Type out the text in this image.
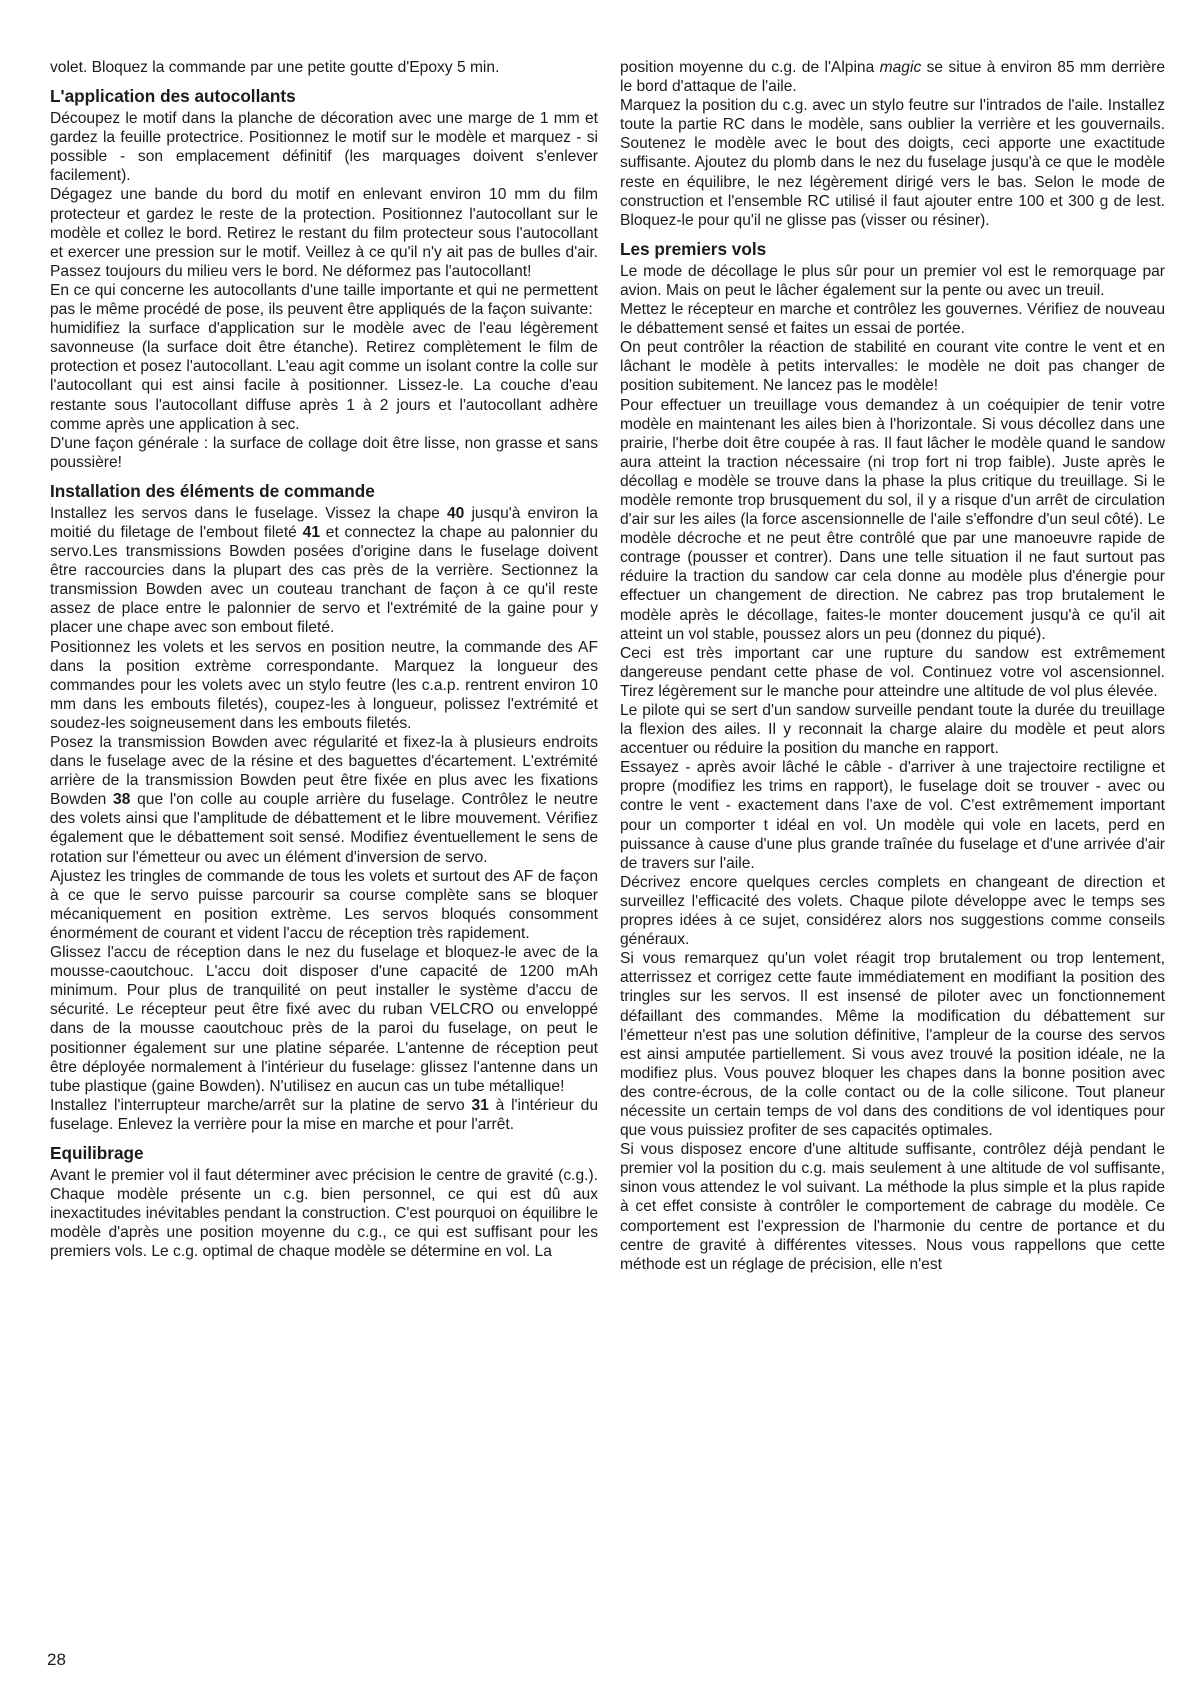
volet. Bloquez la commande par une petite goutte d'Epoxy 5 min.

L'application des autocollants

Découpez le motif dans la planche de décoration avec une marge de 1 mm et gardez la feuille protectrice. Positionnez le motif sur le modèle et marquez - si possible - son emplacement définitif (les marquages doivent s'enlever facilement).

Dégagez une bande du bord du motif en enlevant environ 10 mm du film protecteur et gardez le reste de la protection. Positionnez l'autocollant sur le modèle et collez le bord. Retirez le restant du film protecteur sous l'autocollant et exercer une pression sur le motif. Veillez à ce qu'il n'y ait pas de bulles d'air. Passez toujours du milieu vers le bord. Ne déformez pas l'autocollant!

En ce qui concerne les autocollants d'une taille importante et qui ne permettent pas le même procédé de pose, ils peuvent être appliqués de la façon suivante:

humidifiez la surface d'application sur le modèle avec de l'eau légèrement savonneuse (la surface doit être étanche). Retirez complètement le film de protection et posez l'autocollant. L'eau agit comme un isolant contre la colle sur l'autocollant qui est ainsi facile à positionner. Lissez-le. La couche d'eau restante sous l'autocollant diffuse après 1 à 2 jours et l'autocollant adhère comme après une application à sec.

D'une façon générale : la surface de collage doit être lisse, non grasse et sans poussière!

Installation des éléments de commande

Installez les servos dans le fuselage. Vissez la chape 40 jusqu'à environ la moitié du filetage de l'embout fileté 41 et connectez la chape au palonnier du servo.Les transmissions Bowden posées d'origine dans le fuselage doivent être raccourcies dans la plupart des cas près de la verrière. Sectionnez la transmission Bowden avec un couteau tranchant de façon à ce qu'il reste assez de place entre le palonnier de servo et l'extrémité de la gaine pour y placer une chape avec son embout fileté.

Positionnez les volets et les servos en position neutre, la commande des AF dans la position extrème correspondante. Marquez la longueur des commandes pour les volets avec un stylo feutre (les c.a.p. rentrent environ 10 mm dans les embouts filetés), coupez-les à longueur, polissez l'extrémité et soudez-les soigneusement dans les embouts filetés.

Posez la transmission Bowden avec régularité et fixez-la à plusieurs endroits dans le fuselage avec de la résine et des baguettes d'écartement. L'extrémité arrière de la transmission Bowden peut être fixée en plus avec les fixations Bowden 38 que l'on colle au couple arrière du fuselage. Contrôlez le neutre des volets ainsi que l'amplitude de débattement et le libre mouvement. Vérifiez également que le débattement soit sensé. Modifiez éventuellement le sens de rotation sur l'émetteur ou avec un élément d'inversion de servo.

Ajustez les tringles de commande de tous les volets et surtout des AF de façon à ce que le servo puisse parcourir sa course complète sans se bloquer mécaniquement en position extrème. Les servos bloqués consomment énormément de courant et vident l'accu de réception très rapidement.

Glissez l'accu de réception dans le nez du fuselage et bloquez-le avec de la mousse-caoutchouc. L'accu doit disposer d'une capacité de 1200 mAh minimum. Pour plus de tranquilité on peut installer le système d'accu de sécurité. Le récepteur peut être fixé avec du ruban VELCRO ou enveloppé dans de la mousse caoutchouc près de la paroi du fuselage, on peut le positionner également sur une platine séparée. L'antenne de réception peut être déployée normalement à l'intérieur du fuselage: glissez l'antenne dans un tube plastique (gaine Bowden). N'utilisez en aucun cas un tube métallique!

Installez l'interrupteur marche/arrêt sur la platine de servo 31 à l'intérieur du fuselage. Enlevez la verrière pour la mise en marche et pour l'arrêt.

Equilibrage

Avant le premier vol il faut déterminer avec précision le centre de gravité (c.g.). Chaque modèle présente un c.g. bien personnel, ce qui est dû aux inexactitudes inévitables pendant la construction. C'est pourquoi on équilibre le modèle d'après une position moyenne du c.g., ce qui est suffisant pour les premiers vols. Le c.g. optimal de chaque modèle se détermine en vol. La

position moyenne du c.g. de l'Alpina magic se situe à environ 85 mm derrière le bord d'attaque de l'aile.

Marquez la position du c.g. avec un stylo feutre sur l'intrados de l'aile. Installez toute la partie RC dans le modèle, sans oublier la verrière et les gouvernails. Soutenez le modèle avec le bout des doigts, ceci apporte une exactitude suffisante. Ajoutez du plomb dans le nez du fuselage jusqu'à ce que le modèle reste en équilibre, le nez légèrement dirigé vers le bas. Selon le mode de construction et l'ensemble RC utilisé il faut ajouter entre 100 et 300 g de lest. Bloquez-le pour qu'il ne glisse pas (visser ou résiner).

Les premiers vols

Le mode de décollage le plus sûr pour un premier vol est le remorquage par avion. Mais on peut le lâcher également sur la pente ou avec un treuil.

Mettez le récepteur en marche et contrôlez les gouvernes. Vérifiez de nouveau le débattement sensé et faites un essai de portée.

On peut contrôler la réaction de stabilité en courant vite contre le vent et en lâchant le modèle à petits intervalles: le modèle ne doit pas changer de position subitement. Ne lancez pas le modèle!

Pour effectuer un treuillage vous demandez à un coéquipier de tenir votre modèle en maintenant les ailes bien à l'horizontale. Si vous décollez dans une prairie, l'herbe doit être coupée à ras. Il faut lâcher le modèle quand le sandow aura atteint la traction nécessaire (ni trop fort ni trop faible). Juste après le décollag e modèle se trouve dans la phase la plus critique du treuillage. Si le modèle remonte trop brusquement du sol, il y a risque d'un arrêt de circulation d'air sur les ailes (la force ascensionnelle de l'aile s'effondre d'un seul côté). Le modèle décroche et ne peut être contrôlé que par une manoeuvre rapide de contrage (pousser et contrer). Dans une telle situation il ne faut surtout pas réduire la traction du sandow car cela donne au modèle plus d'énergie pour effectuer un changement de direction. Ne cabrez pas trop brutalement le modèle après le décollage, faites-le monter doucement jusqu'à ce qu'il ait atteint un vol stable, poussez alors un peu (donnez du piqué).

Ceci est très important car une rupture du sandow est extrêmement dangereuse pendant cette phase de vol. Continuez votre vol ascensionnel. Tirez légèrement sur le manche pour atteindre une altitude de vol plus élevée.

Le pilote qui se sert d'un sandow surveille pendant toute la durée du treuillage la flexion des ailes. Il y reconnait la charge alaire du modèle et peut alors accentuer ou réduire la position du manche en rapport.

Essayez - après avoir lâché le câble - d'arriver à une trajectoire rectiligne et propre (modifiez les trims en rapport), le fuselage doit se trouver - avec ou contre le vent - exactement dans l'axe de vol. C'est extrêmement important pour un comporter t idéal en vol. Un modèle qui vole en lacets, perd en puissance à cause d'une plus grande traînée du fuselage et d'une arrivée d'air de travers sur l'aile.

Décrivez encore quelques cercles complets en changeant de direction et surveillez l'efficacité des volets. Chaque pilote développe avec le temps ses propres idées à ce sujet, considérez alors nos suggestions comme conseils généraux.

Si vous remarquez qu'un volet réagit trop brutalement ou trop lentement, atterrissez et corrigez cette faute immédiatement en modifiant la position des tringles sur les servos. Il est insensé de piloter avec un fonctionnement défaillant des commandes. Même la modification du débattement sur l'émetteur n'est pas une solution définitive, l'ampleur de la course des servos est ainsi amputée partiellement. Si vous avez trouvé la position idéale, ne la modifiez plus. Vous pouvez bloquer les chapes dans la bonne position avec des contre-écrous, de la colle contact ou de la colle silicone. Tout planeur nécessite un certain temps de vol dans des conditions de vol identiques pour que vous puissiez profiter de ses capacités optimales.

Si vous disposez encore d'une altitude suffisante, contrôlez déjà pendant le premier vol la position du c.g. mais seulement à une altitude de vol suffisante, sinon vous attendez le vol suivant. La méthode la plus simple et la plus rapide à cet effet consiste à contrôler le comportement de cabrage du modèle. Ce comportement est l'expression de l'harmonie du centre de portance et du centre de gravité à différentes vitesses. Nous vous rappellons que cette méthode est un réglage de précision, elle n'est

28
